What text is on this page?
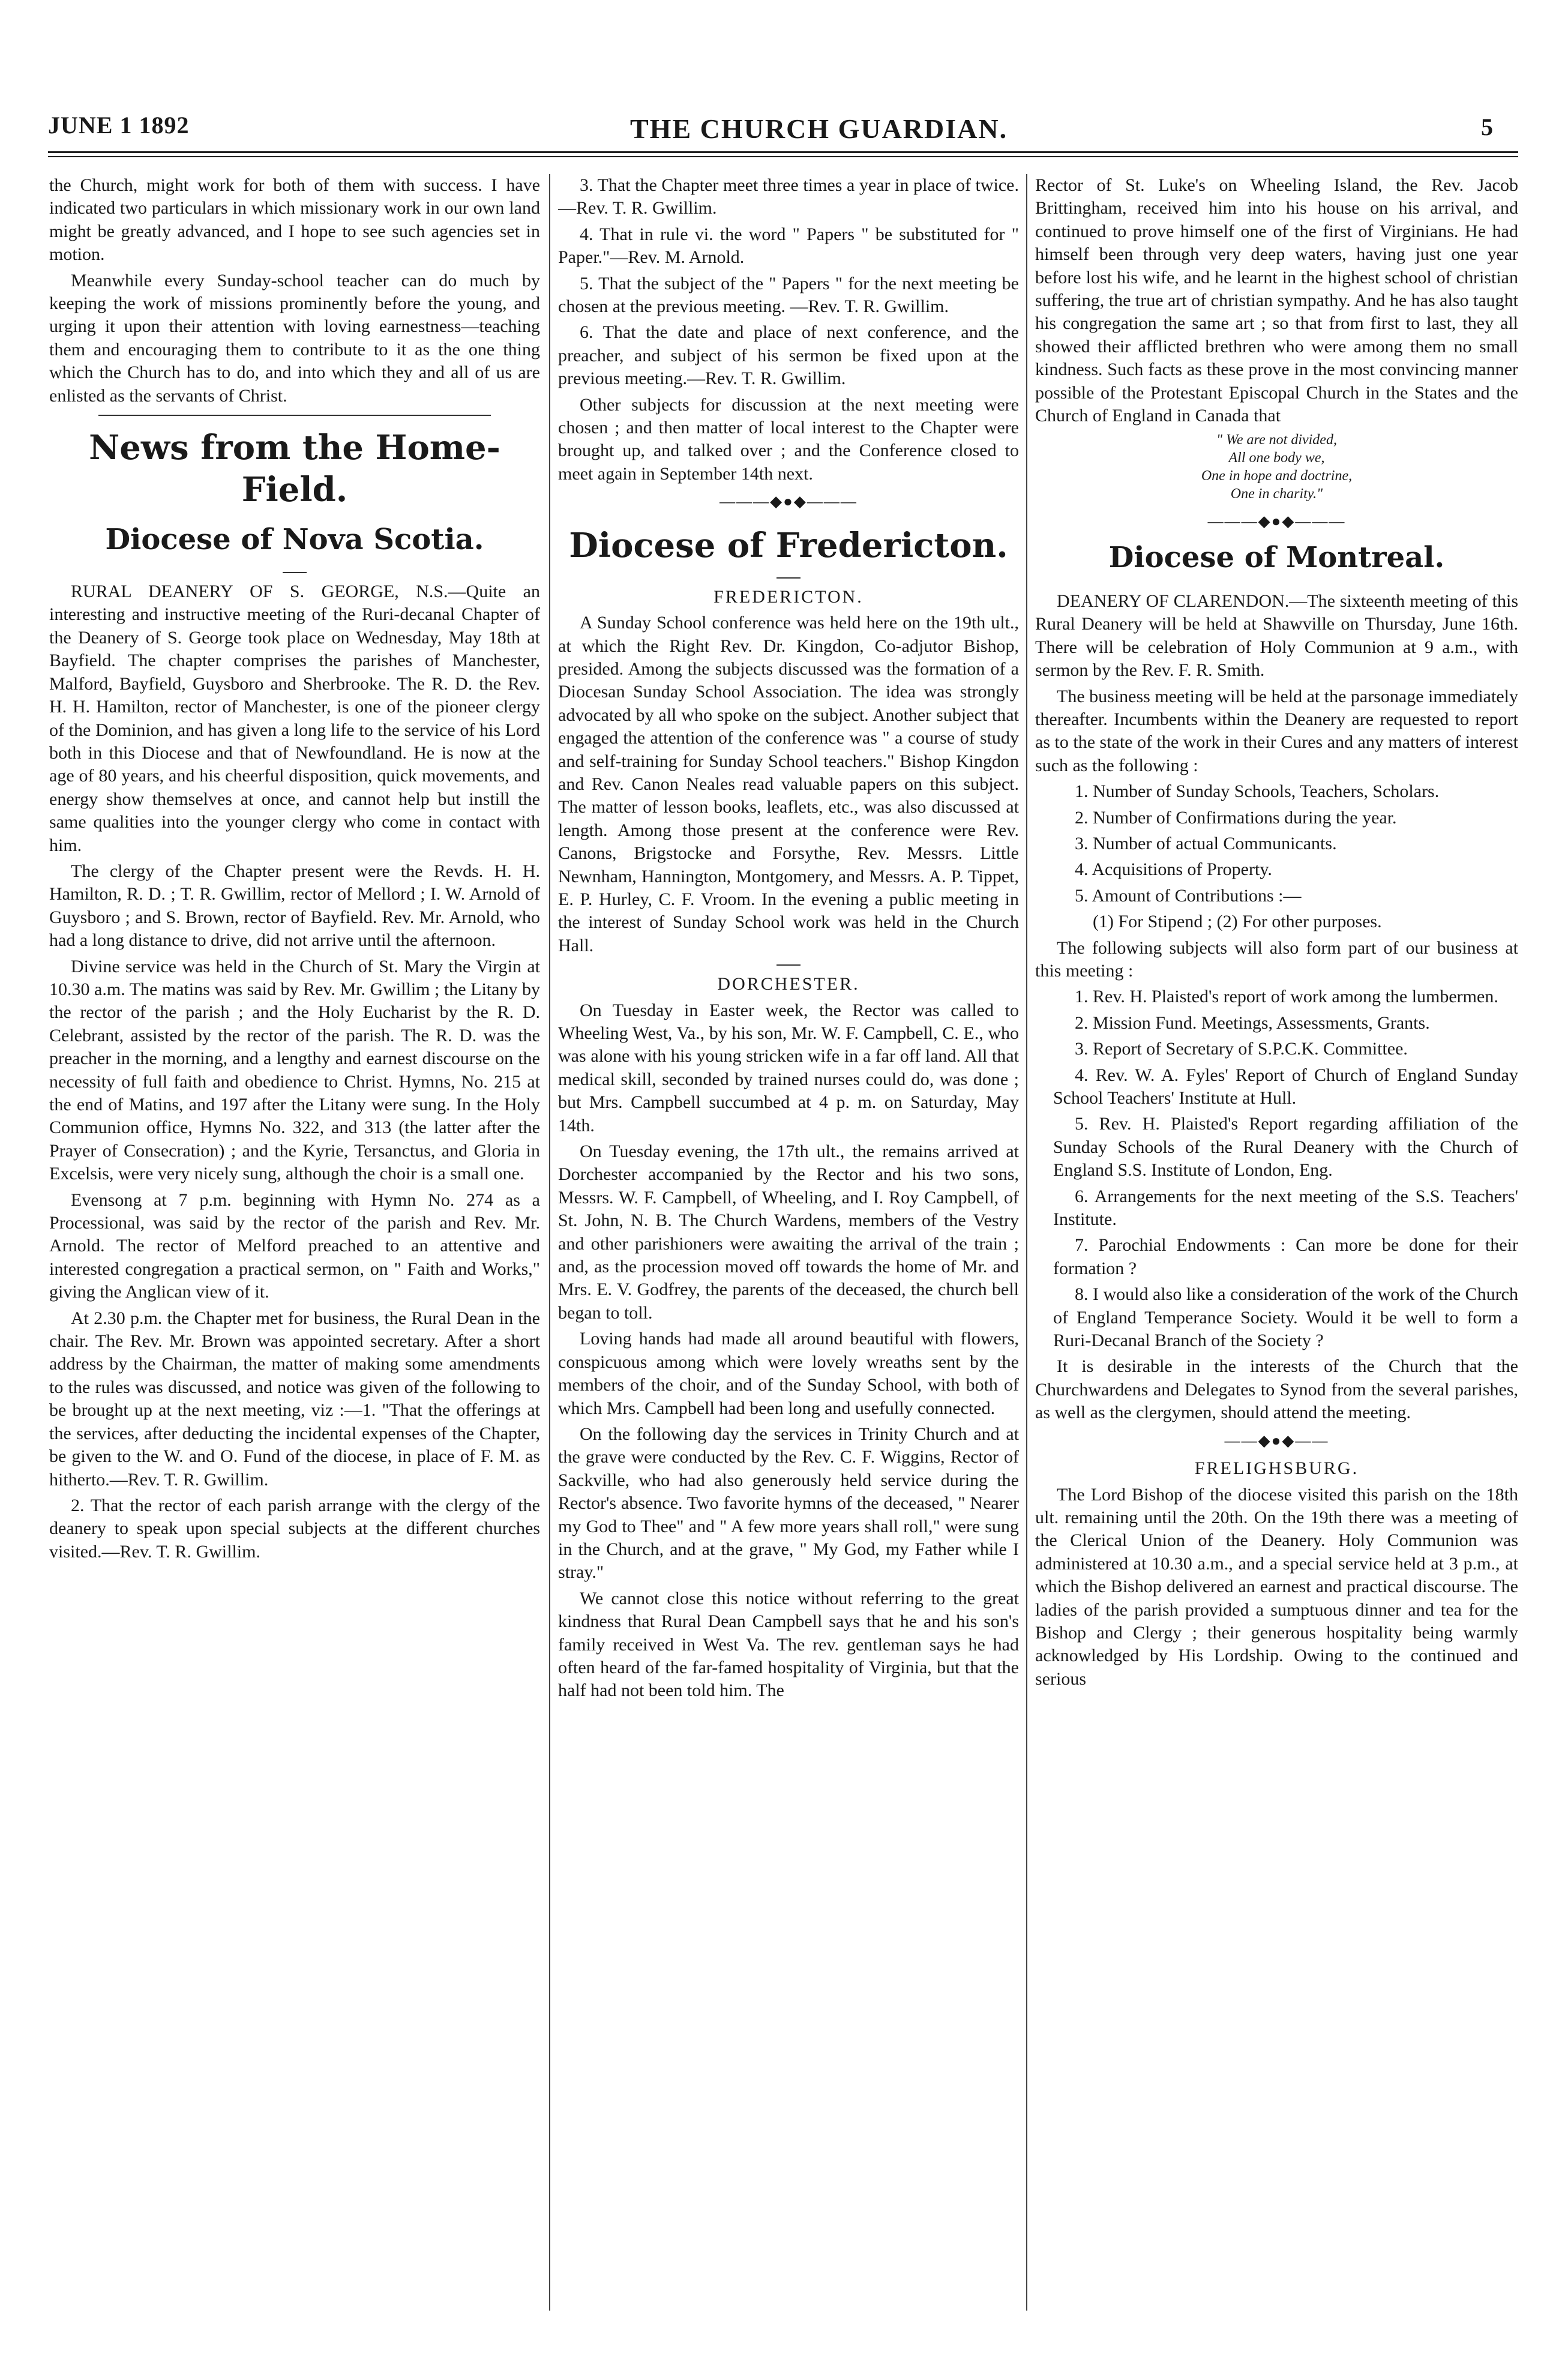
JUNE 1 1892	THE CHURCH GUARDIAN.	5

the Church, might work for both of them with success. I have indicated two particulars in which missionary work in our own land might be greatly advanced, and I hope to see such agencies set in motion.

Meanwhile every Sunday-school teacher can do much by keeping the work of missions prominently before the young, and urging it upon their attention with loving earnestness—teaching them and encouraging them to contribute to it as the one thing which the Church has to do, and into which they and all of us are enlisted as the servants of Christ.

News from the Home-Field.
Diocese of Nova Scotia.

RURAL DEANERY OF S. GEORGE, N.S.—Quite an interesting and instructive meeting of the Ruri-decanal Chapter of the Deanery of S. George took place on Wednesday, May 18th at Bayfield. The chapter comprises the parishes of Manchester, Malford, Bayfield, Guysboro and Sherbrooke. The R. D. the Rev. H. H. Hamilton, rector of Manchester, is one of the pioneer clergy of the Dominion, and has given a long life to the service of his Lord both in this Diocese and that of Newfoundland. He is now at the age of 80 years, and his cheerful disposition, quick movements, and energy show themselves at once, and cannot help but instill the same qualities into the younger clergy who come in contact with him.

The clergy of the Chapter present were the Revds. H. H. Hamilton, R. D. ; T. R. Gwillim, rector of Mellord ; I. W. Arnold of Guysboro ; and S. Brown, rector of Bayfield. Rev. Mr. Arnold, who had a long distance to drive, did not arrive until the afternoon.

Divine service was held in the Church of St. Mary the Virgin at 10.30 a.m. The matins was said by Rev. Mr. Gwillim ; the Litany by the rector of the parish ; and the Holy Eucharist by the R. D. Celebrant, assisted by the rector of the parish. The R. D. was the preacher in the morning, and a lengthy and earnest discourse on the necessity of full faith and obedience to Christ. Hymns, No. 215 at the end of Matins, and 197 after the Litany were sung. In the Holy Communion office, Hymns No. 322, and 313 (the latter after the Prayer of Consecration) ; and the Kyrie, Tersanctus, and Gloria in Excelsis, were very nicely sung, although the choir is a small one.

Evensong at 7 p.m. beginning with Hymn No. 274 as a Processional, was said by the rector of the parish and Rev. Mr. Arnold. The rector of Melford preached to an attentive and interested congregation a practical sermon, on " Faith and Works," giving the Anglican view of it.

At 2.30 p.m. the Chapter met for business, the Rural Dean in the chair. The Rev. Mr. Brown was appointed secretary. After a short address by the Chairman, the matter of making some amendments to the rules was discussed, and notice was given of the following to be brought up at the next meeting, viz :—1. "That the offerings at the services, after deducting the incidental expenses of the Chapter, be given to the W. and O. Fund of the diocese, in place of F. M. as hitherto.—Rev. T. R. Gwillim.

2. That the rector of each parish arrange with the clergy of the deanery to speak upon special subjects at the different churches visited.—Rev. T. R. Gwillim.

3. That the Chapter meet three times a year in place of twice.—Rev. T. R. Gwillim.

4. That in rule vi. the word " Papers " be substituted for " Paper."—Rev. M. Arnold.

5. That the subject of the " Papers " for the next meeting be chosen at the previous meeting. —Rev. T. R. Gwillim.

6. That the date and place of next conference, and the preacher, and subject of his sermon be fixed upon at the previous meeting.—Rev. T. R. Gwillim.

Other subjects for discussion at the next meeting were chosen ; and then matter of local interest to the Chapter were brought up, and talked over ; and the Conference closed to meet again in September 14th next.

———◆●◆———
Diocese of Fredericton.

FREDERICTON.

A Sunday School conference was held here on the 19th ult., at which the Right Rev. Dr. Kingdon, Co-adjutor Bishop, presided. Among the subjects discussed was the formation of a Diocesan Sunday School Association. The idea was strongly advocated by all who spoke on the subject. Another subject that engaged the attention of the conference was " a course of study and self-training for Sunday School teachers." Bishop Kingdon and Rev. Canon Neales read valuable papers on this subject. The matter of lesson books, leaflets, etc., was also discussed at length. Among those present at the conference were Rev. Canons, Brigstocke and Forsythe, Rev. Messrs. Little Newnham, Hannington, Montgomery, and Messrs. A. P. Tippet, E. P. Hurley, C. F. Vroom. In the evening a public meeting in the interest of Sunday School work was held in the Church Hall.

DORCHESTER.

On Tuesday in Easter week, the Rector was called to Wheeling West, Va., by his son, Mr. W. F. Campbell, C. E., who was alone with his young stricken wife in a far off land. All that medical skill, seconded by trained nurses could do, was done ; but Mrs. Campbell succumbed at 4 p. m. on Saturday, May 14th.

On Tuesday evening, the 17th ult., the remains arrived at Dorchester accompanied by the Rector and his two sons, Messrs. W. F. Campbell, of Wheeling, and I. Roy Campbell, of St. John, N. B. The Church Wardens, members of the Vestry and other parishioners were awaiting the arrival of the train ; and, as the procession moved off towards the home of Mr. and Mrs. E. V. Godfrey, the parents of the deceased, the church bell began to toll.

Loving hands had made all around beautiful with flowers, conspicuous among which were lovely wreaths sent by the members of the choir, and of the Sunday School, with both of which Mrs. Campbell had been long and usefully connected.

On the following day the services in Trinity Church and at the grave were conducted by the Rev. C. F. Wiggins, Rector of Sackville, who had also generously held service during the Rector's absence. Two favorite hymns of the deceased, " Nearer my God to Thee" and " A few more years shall roll," were sung in the Church, and at the grave, " My God, my Father while I stray."

We cannot close this notice without referring to the great kindness that Rural Dean Campbell says that he and his son's family received in West Va. The rev. gentleman says he had often heard of the far-famed hospitality of Virginia, but that the half had not been told him. The

Rector of St. Luke's on Wheeling Island, the Rev. Jacob Brittingham, received him into his house on his arrival, and continued to prove himself one of the first of Virginians. He had himself been through very deep waters, having just one year before lost his wife, and he learnt in the highest school of christian suffering, the true art of christian sympathy. And he has also taught his congregation the same art ; so that from first to last, they all showed their afflicted brethren who were among them no small kindness. Such facts as these prove in the most convincing manner possible of the Protestant Episcopal Church in the States and the Church of England in Canada that

" We are not divided,
All one body we,
One in hope and doctrine,
One in charity."
———◆●◆———
Diocese of Montreal.

DEANERY OF CLARENDON.—The sixteenth meeting of this Rural Deanery will be held at Shawville on Thursday, June 16th. There will be celebration of Holy Communion at 9 a.m., with sermon by the Rev. F. R. Smith.

The business meeting will be held at the parsonage immediately thereafter. Incumbents within the Deanery are requested to report as to the state of the work in their Cures and any matters of interest such as the following :

1. Number of Sunday Schools, Teachers, Scholars.

2. Number of Confirmations during the year.

3. Number of actual Communicants.

4. Acquisitions of Property.

5. Amount of Contributions :—

(1) For Stipend ; (2) For other purposes.

The following subjects will also form part of our business at this meeting :

1. Rev. H. Plaisted's report of work among the lumbermen.

2. Mission Fund. Meetings, Assessments, Grants.

3. Report of Secretary of S.P.C.K. Committee.

4. Rev. W. A. Fyles' Report of Church of England Sunday School Teachers' Institute at Hull.

5. Rev. H. Plaisted's Report regarding affiliation of the Sunday Schools of the Rural Deanery with the Church of England S.S. Institute of London, Eng.

6. Arrangements for the next meeting of the S.S. Teachers' Institute.

7. Parochial Endowments : Can more be done for their formation ?

8. I would also like a consideration of the work of the Church of England Temperance Society. Would it be well to form a Ruri-Decanal Branch of the Society ?

It is desirable in the interests of the Church that the Churchwardens and Delegates to Synod from the several parishes, as well as the clergymen, should attend the meeting.

——◆●◆——

FRELIGHSBURG.

The Lord Bishop of the diocese visited this parish on the 18th ult. remaining until the 20th. On the 19th there was a meeting of the Clerical Union of the Deanery. Holy Communion was administered at 10.30 a.m., and a special service held at 3 p.m., at which the Bishop delivered an earnest and practical discourse. The ladies of the parish provided a sumptuous dinner and tea for the Bishop and Clergy ; their generous hospitality being warmly acknowledged by His Lordship. Owing to the continued and serious
